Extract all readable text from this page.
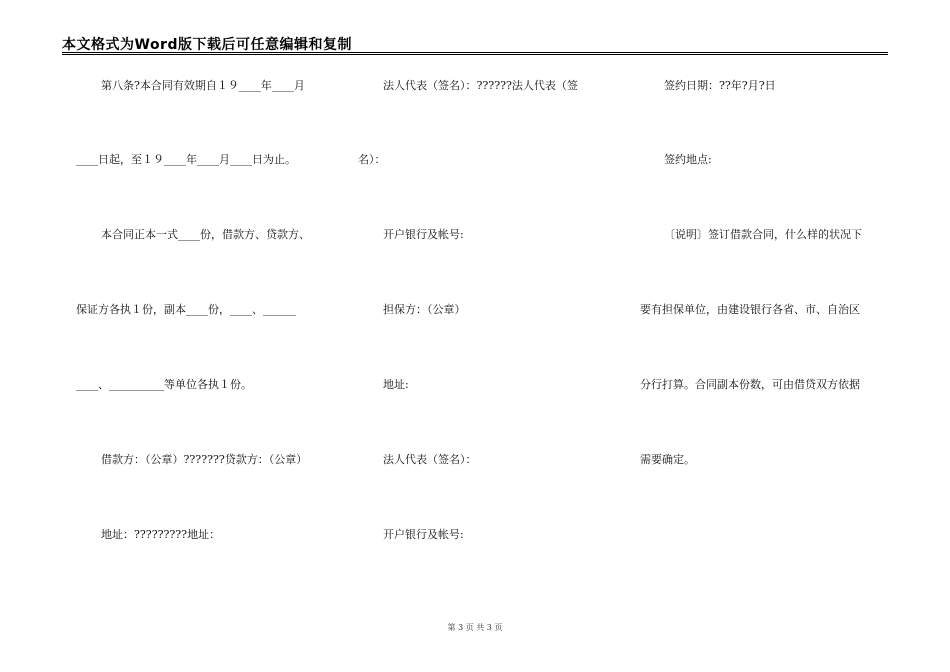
本文格式为Word版下载后可任意编辑和复制
第八条?本合同有效期自１９____年____月
____日起，至１９____年____月____日为止。
本合同正本一式____份，借款方、贷款方、
保证方各执１份，副本____份，____、______
____、__________等单位各执１份。
借款方：（公章）???????贷款方：（公章）
地址：?????????地址：
法人代表（签名）：??????法人代表（签
名）：
开户银行及帐号:
担保方：（公章）
地址:
法人代表（签名）：
开户银行及帐号:
签约日期：??年?月?日
签约地点:
〔说明〕签订借款合同，什么样的状况下
要有担保单位，由建设银行各省、市、自治区
分行打算。合同副本份数，可由借贷双方依据
需要确定。
第 3 页 共 3 页
